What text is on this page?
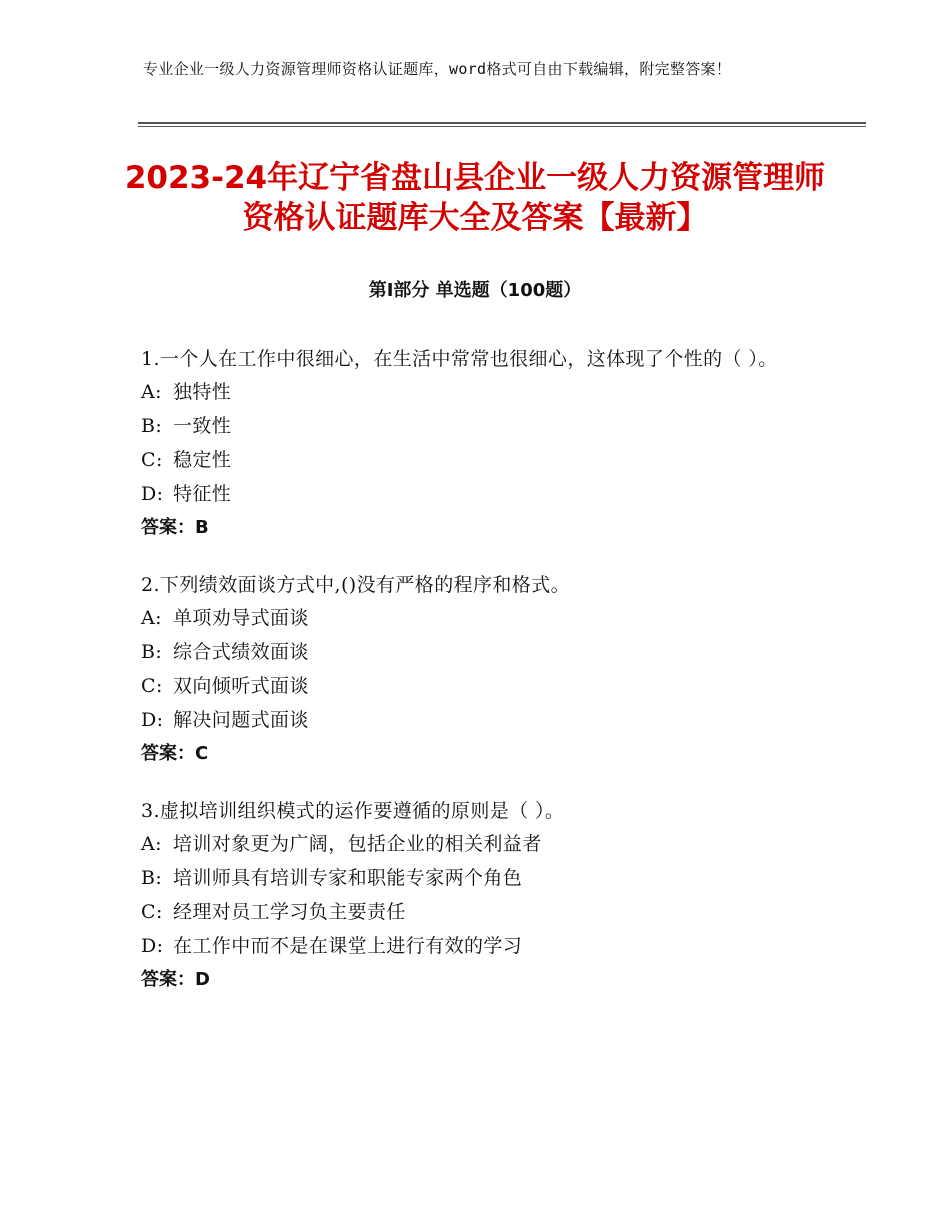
专业企业一级人力资源管理师资格认证题库，word格式可自由下载编辑，附完整答案！
2023-24年辽宁省盘山县企业一级人力资源管理师资格认证题库大全及答案【最新】
第Ⅰ部分 单选题（100题）
1.一个人在工作中很细心，在生活中常常也很细心，这体现了个性的（ ）。
A: 独特性
B: 一致性
C: 稳定性
D: 特征性
答案：B
2.下列绩效面谈方式中,()没有严格的程序和格式。
A: 单项劝导式面谈
B: 综合式绩效面谈
C: 双向倾听式面谈
D: 解决问题式面谈
答案：C
3.虚拟培训组织模式的运作要遵循的原则是（ ）。
A: 培训对象更为广阔，包括企业的相关利益者
B: 培训师具有培训专家和职能专家两个角色
C: 经理对员工学习负主要责任
D: 在工作中而不是在课堂上进行有效的学习
答案：D
